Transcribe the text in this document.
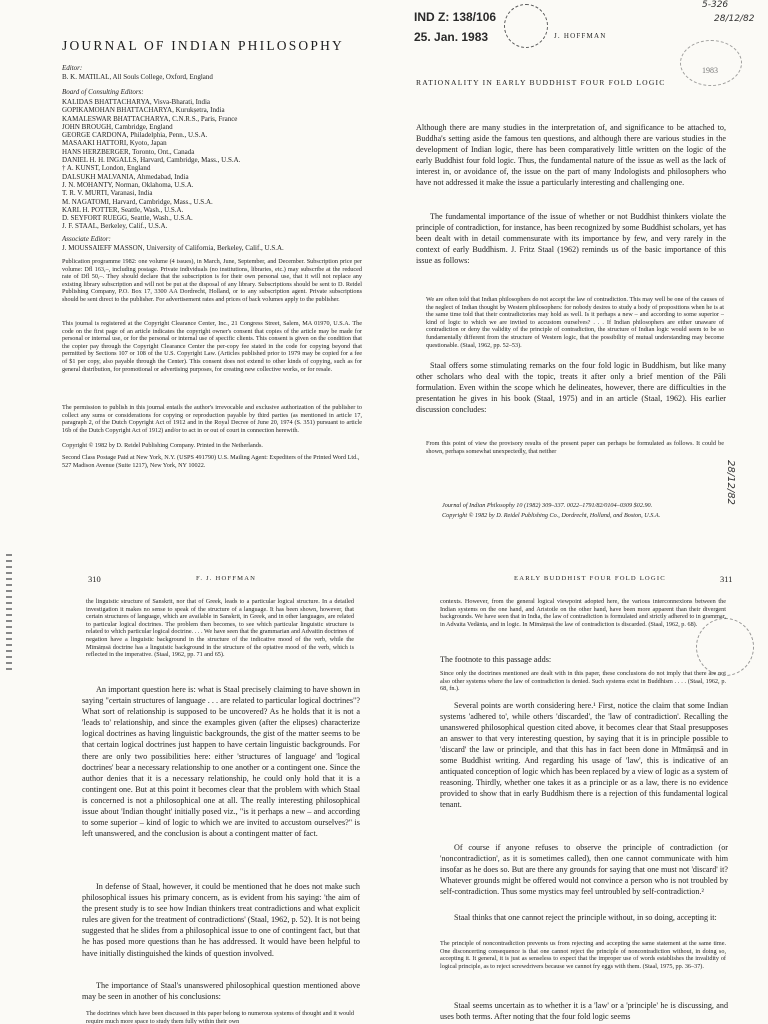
JOURNAL OF INDIAN PHILOSOPHY
Editor:
B. K. MATILAL, All Souls College, Oxford, England
Board of Consulting Editors:
KALIDAS BHATTACHARYA, Visva-Bharati, India
GOPIKAMOHAN BHATTACHARYA, Kurukṣetra, India
KAMALESWAR BHATTACHARYA, C.N.R.S., Paris, France
JOHN BROUGH, Cambridge, England
GEORGE CARDONA, Philadelphia, Penn., U.S.A.
MASAAKI HATTORI, Kyoto, Japan
HANS HERZBERGER, Toronto, Ont., Canada
DANIEL H. H. INGALLS, Harvard, Cambridge, Mass., U.S.A.
† A. KUNST, London, England
DALSUKH MALVANIA, Ahmedabad, India
J. N. MOHANTY, Norman, Oklahoma, U.S.A.
T. R. V. MURTI, Varanasi, India
M. NAGATOMI, Harvard, Cambridge, Mass., U.S.A.
KARL H. POTTER, Seattle, Wash., U.S.A.
D. SEYFORT RUEGG, Seattle, Wash., U.S.A.
J. F. STAAL, Berkeley, Calif., U.S.A.
Associate Editor:
J. MOUSSAIEFF MASSON, University of California, Berkeley, Calif., U.S.A.
Publication programme 1982: one volume (4 issues), in March, June, September, and December. Subscription price per volume: Dfl 163,–, including postage. Private individuals (no institutions, libraries, etc.) may subscribe at the reduced rate of Dfl 50,–. They should declare that the subscription is for their own personal use, that it will not replace any existing library subscription and will not be put at the disposal of any library. Subscriptions should be sent to D. Reidel Publishing Company, P.O. Box 17, 3300 AA Dordrecht, Holland, or to any subscription agent. Private subscriptions should be sent direct to the publisher. For advertisement rates and prices of back volumes apply to the publisher.
This journal is registered at the Copyright Clearance Center, Inc., 21 Congress Street, Salem, MA 01970, U.S.A. The code on the first page of an article indicates the copyright owner's consent that copies of the article may be made for personal or internal use, or for the personal or internal use of specific clients. This consent is given on the condition that the copier pay through the Copyright Clearance Center the per-copy fee stated in the code for copying beyond that permitted by Sections 107 or 108 of the U.S. Copyright Law. (Articles published prior to 1979 may be copied for a fee of $1 per copy, also payable through the Center). This consent does not extend to other kinds of copying, such as for general distribution, for promotional or advertising purposes, for creating new collective works, or for resale.
The permission to publish in this journal entails the author's irrevocable and exclusive authorization of the publisher to collect any sums or considerations for copying or reproduction payable by third parties (as mentioned in article 17, paragraph 2, of the Dutch Copyright Act of 1912 and in the Royal Decree of June 20, 1974 (S. 351) pursuant to article 16b of the Dutch Copyright Act of 1912) and/or to act in or out of court in connection herewith.
Copyright © 1982 by D. Reidel Publishing Company. Printed in the Netherlands.
Second Class Postage Paid at New York, N.Y. (USPS 491790) U.S. Mailing Agent: Expediters of the Printed Word Ltd., 527 Madison Avenue (Suite 1217), New York, NY 10022.
IND Z: 138/106
25. Jan. 1983
5-326
28/12/82
1983
J. HOFFMAN
RATIONALITY IN EARLY BUDDHIST FOUR FOLD LOGIC
Although there are many studies in the interpretation of, and significance to be attached to, Buddha's setting aside the famous ten questions, and although there are various studies in the development of Indian logic, there has been comparatively little written on the logic of the early Buddhist four fold logic. Thus, the fundamental nature of the issue as well as the lack of interest in, or avoidance of, the issue on the part of many Indologists and philosophers who have not addressed it make the issue a particularly interesting and challenging one.
The fundamental importance of the issue of whether or not Buddhist thinkers violate the principle of contradiction, for instance, has been recognized by some Buddhist scholars, yet has been dealt with in detail commensurate with its importance by few, and very rarely in the context of early Buddhism. J. Fritz Staal (1962) reminds us of the basic importance of this issue as follows:
We are often told that Indian philosophers do not accept the law of contradiction. This may well be one of the causes of the neglect of Indian thought by Western philosophers: for nobody desires to study a body of propositions when he is at the same time told that their contradictories may hold as well. Is it perhaps a new – and according to some superior – kind of logic to which we are invited to accustom ourselves? . . . If Indian philosophers are either unaware of contradiction or deny the validity of the principle of contradiction, the structure of Indian logic would seem to be so fundamentally different from the structure of Western logic, that the possibility of mutual understanding may become questionable. (Staal, 1962, pp. 52–53).
Staal offers some stimulating remarks on the four fold logic in Buddhism, but like many other scholars who deal with the topic, treats it after only a brief mention of the Pāli formulation. Even within the scope which he delineates, however, there are difficulties in the presentation he gives in his book (Staal, 1975) and in an article (Staal, 1962). His earlier discussion concludes:
From this point of view the provisory results of the present paper can perhaps be formulated as follows. It could be shown, perhaps somewhat unexpectedly, that neither
Journal of Indian Philosophy 10 (1982) 309–337. 0022–1791/82/0104–0309 $02.90.
Copyright © 1982 by D. Reidel Publishing Co., Dordrecht, Holland, and Boston, U.S.A.
28/12/82
310	F. J. HOFFMAN
the linguistic structure of Sanskrit, nor that of Greek, leads to a particular logical structure. In a detailed investigation it makes no sense to speak of the structure of a language. It has been shown, however, that certain structures of language, which are available in Sanskrit, in Greek, and in other languages, are related to particular logical doctrines. The problem then becomes, to see which particular linguistic structure is related to which particular logical doctrine. . . . We have seen that the grammarian and Advaitin doctrines of negation have a linguistic background in the structure of the indicative mood of the verb, while the Mīmāṃsā doctrine has a linguistic background in the structure of the optative mood of the verb, which is reflected in the imperative. (Staal, 1962, pp. 71 and 65).
An important question here is: what is Staal precisely claiming to have shown in saying "certain structures of language . . . are related to particular logical doctrines"? What sort of relationship is supposed to be uncovered? As he holds that it is not a 'leads to' relationship, and since the examples given (after the elipses) characterize logical doctrines as having linguistic backgrounds, the gist of the matter seems to be that certain logical doctrines just happen to have certain linguistic backgrounds. For there are only two possibilities here: either 'structures of language' and 'logical doctrines' bear a necessary relationship to one another or a contingent one. Since the author denies that it is a necessary relationship, he could only hold that it is a contingent one. But at this point it becomes clear that the problem with which Staal is concerned is not a philosophical one at all. The really interesting philosophical issue about 'Indian thought' initially posed viz., "is it perhaps a new – and according to some superior – kind of logic to which we are invited to accustom ourselves?" is left unanswered, and the conclusion is about a contingent matter of fact.
In defense of Staal, however, it could be mentioned that he does not make such philosophical issues his primary concern, as is evident from his saying: 'the aim of the present study is to see how Indian thinkers treat contradictions and what explicit rules are given for the treatment of contradictions' (Staal, 1962, p. 52). It is not being suggested that he slides from a philosophical issue to one of contingent fact, but that he has posed more questions than he has addressed. It would have been helpful to have initially distinguished the kinds of question involved.
The importance of Staal's unanswered philosophical question mentioned above may be seen in another of his conclusions:
The doctrines which have been discussed in this paper belong to numerous systems of thought and it would require much more space to study them fully within their own
EARLY BUDDHIST FOUR FOLD LOGIC	311
contexts. However, from the general logical viewpoint adopted here, the various interconnexions between the Indian systems on the one hand, and Aristotle on the other hand, have been more apparent than their divergent backgrounds. We have seen that in India, the law of contradiction is formulated and strictly adhered to in grammar, in Advaita Vedānta, and in logic. In Mīmāṃsā the law of contradiction is discarded. (Staal, 1962, p. 68).
The footnote to this passage adds:
Since only the doctrines mentioned are dealt with in this paper, these conclusions do not imply that there are not also other systems where the law of contradiction is denied. Such systems exist in Buddhism . . . . (Staal, 1962, p. 68, fn.).
Several points are worth considering here.¹ First, notice the claim that some Indian systems 'adhered to', while others 'discarded', the 'law of contradiction'. Recalling the unanswered philosophical question cited above, it becomes clear that Staal presupposes an answer to that very interesting question, by saying that it is in principle possible to 'discard' the law or principle, and that this has in fact been done in Mīmāṃsā and in some Buddhist writing. And regarding his usage of 'law', this is indicative of an antiquated conception of logic which has been replaced by a view of logic as a system of reasoning. Thirdly, whether one takes it as a principle or as a law, there is no evidence provided to show that in early Buddhism there is a rejection of this fundamental logical tenant.
Of course if anyone refuses to observe the principle of contradiction (or 'noncontradiction', as it is sometimes called), then one cannot communicate with him insofar as he does so. But are there any grounds for saying that one must not 'discard' it? Whatever grounds might be offered would not convince a person who is not troubled by self-contradiction. Thus some mystics may feel untroubled by self-contradiction.²
Staal thinks that one cannot reject the principle without, in so doing, accepting it:
The principle of noncontradiction prevents us from rejecting and accepting the same statement at the same time. One disconcerting consequence is that one cannot reject the principle of noncontradiction without, in doing so, accepting it. It general, it is just as senseless to expect that the improper use of words establishes the invalidity of logical principle, as to reject screwdrivers because we cannot fry eggs with them. (Staal, 1975, pp. 36–37).
Staal seems uncertain as to whether it is a 'law' or a 'principle' he is discussing, and uses both terms. After noting that the four fold logic seems
